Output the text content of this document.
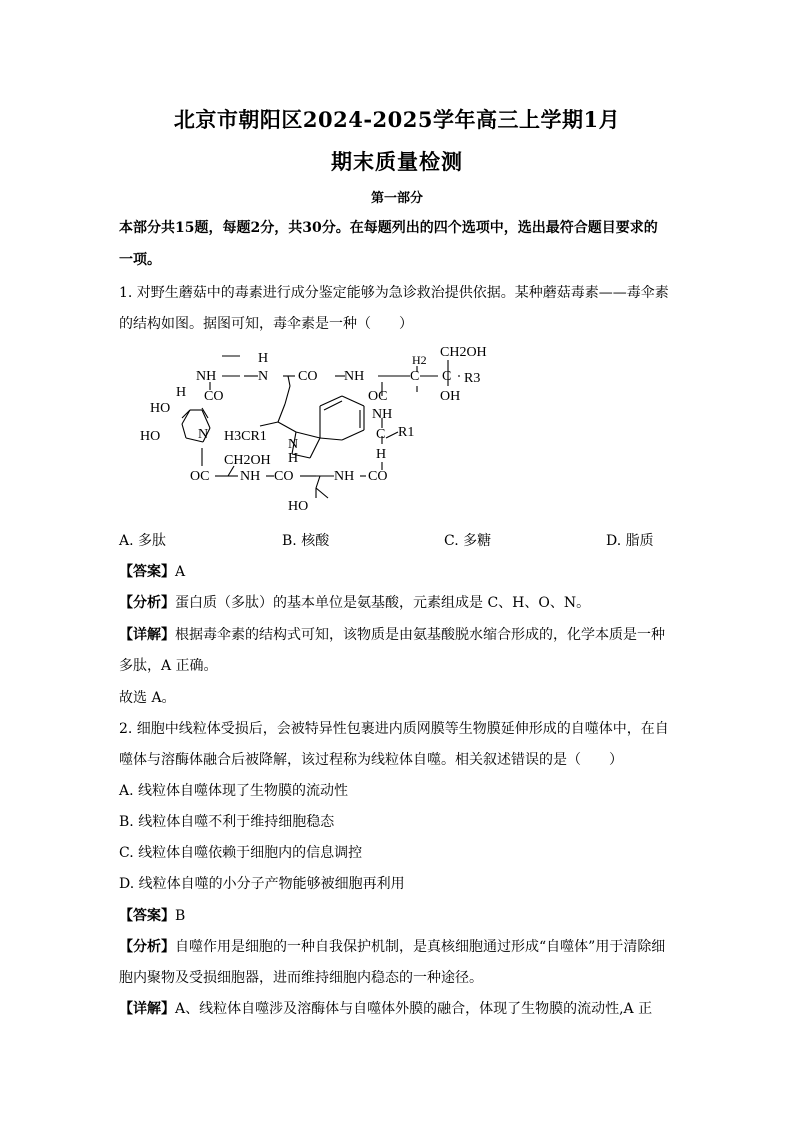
北京市朝阳区2024-2025学年高三上学期1月
期末质量检测
第一部分
本部分共15题，每题2分，共30分。在每题列出的四个选项中，选出最符合题目要求的
一项。
1. 对野生蘑菇中的毒素进行成分鉴定能够为急诊救治提供依据。某种蘑菇毒素——毒伞素
的结构如图。据图可知，毒伞素是一种（　　）
NH	N
H
CO NH	C
H2
C
CH2OH
R3
OH
CO
H
HO
HO	N H3CR1
N
H
OC
NH
C R1
H
OC
CH2OH
NH CO	NH CO
HO
A. 多肽	B. 核酸	C. 多糖	D. 脂质
【答案】A
【分析】蛋白质（多肽）的基本单位是氨基酸，元素组成是 C、H、O、N。
【详解】根据毒伞素的结构式可知，该物质是由氨基酸脱水缩合形成的，化学本质是一种
多肽，A 正确。
故选 A。
2. 细胞中线粒体受损后，会被特异性包裹进内质网膜等生物膜延伸形成的自噬体中，在自
噬体与溶酶体融合后被降解，该过程称为线粒体自噬。相关叙述错误的是（　　）
A. 线粒体自噬体现了生物膜的流动性
B. 线粒体自噬不利于维持细胞稳态
C. 线粒体自噬依赖于细胞内的信息调控
D. 线粒体自噬的小分子产物能够被细胞再利用
【答案】B
【分析】自噬作用是细胞的一种自我保护机制，是真核细胞通过形成“自噬体”用于清除细
胞内聚物及受损细胞器，进而维持细胞内稳态的一种途径。
【详解】A、线粒体自噬涉及溶酶体与自噬体外膜的融合，体现了生物膜的流动性,A 正
